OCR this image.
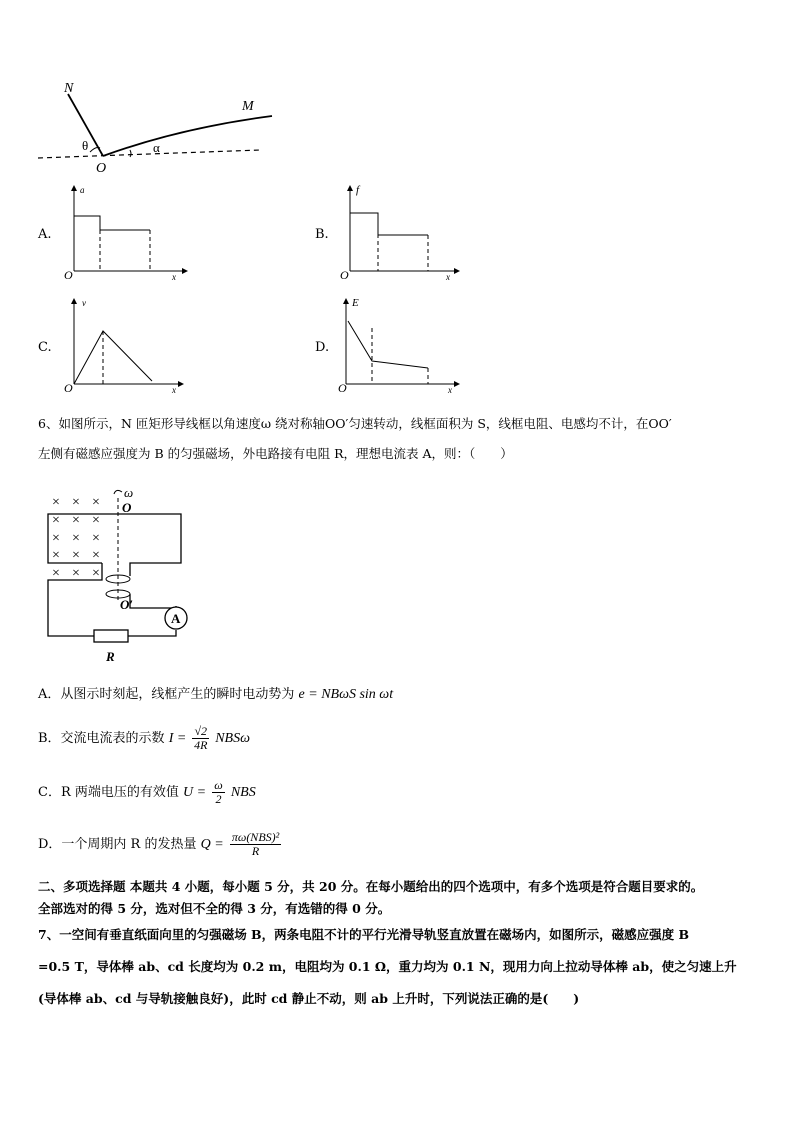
N
M
O
θ	α
A.
a
x
O
B.
f
x
O
C.
v
x
O
D.
E
x
O
6、如图所示，N 匝矩形导线框以角速度ω 绕对称轴OO′匀速转动，线框面积为 S，线框电阻、电感均不计，在OO′
左侧有磁感应强度为 B 的匀强磁场，外电路接有电阻 R，理想电流表 A，则：（　　）
× × ×
× × ×
× × ×
× × ×
× × ×
A
R
ω
O
O′
A．从图示时刻起，线框产生的瞬时电动势为 e = NBωS sin ωt
B．交流电流表的示数 $I = \frac{√2}{4R}$ NBSω
C．R 两端电压的有效值 $U = \frac{\omega}{2}$ NBS
D．一个周期内 R 的发热量 $Q = \frac{\text{πω(NBS)²}}{R}$
二、多项选择题 本题共 4 小题，每小题 5 分，共 20 分。在每小题给出的四个选项中，有多个选项是符合题目要求的。
全部选对的得 5 分，选对但不全的得 3 分，有选错的得 0 分。
7、一空间有垂直纸面向里的匀强磁场 B，两条电阻不计的平行光滑导轨竖直放置在磁场内，如图所示，磁感应强度 B
=0.5 T，导体棒 ab、cd 长度均为 0.2 m，电阻均为 0.1 Ω，重力均为 0.1 N，现用力向上拉动导体棒 ab，使之匀速上升
(导体棒 ab、cd 与导轨接触良好)，此时 cd 静止不动，则 ab 上升时，下列说法正确的是(　　)
